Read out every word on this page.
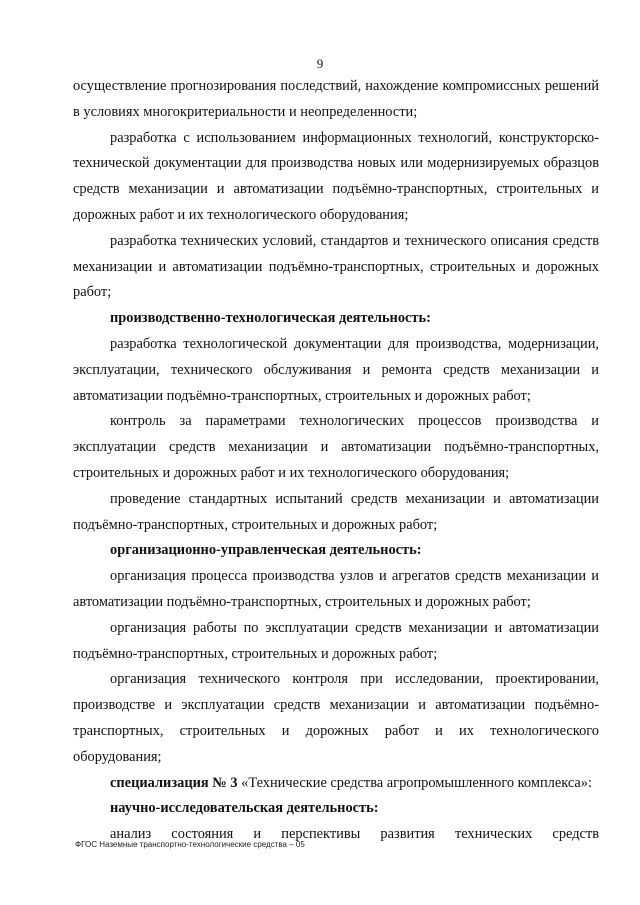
9

осуществление прогнозирования последствий, нахождение компромиссных решений в условиях многокритериальности и неопределенности;

разработка с использованием информационных технологий, конструкторско-технической документации для производства новых или модернизируемых образцов средств механизации и автоматизации подъёмно-транспортных, строительных и дорожных работ и их технологического оборудования;

разработка технических условий, стандартов и технического описания средств механизации и автоматизации подъёмно-транспортных, строительных и дорожных работ;

производственно-технологическая деятельность:

разработка технологической документации для производства, модернизации, эксплуатации, технического обслуживания и ремонта средств механизации и автоматизации подъёмно-транспортных, строительных и дорожных работ;

контроль за параметрами технологических процессов производства и эксплуатации средств механизации и автоматизации подъёмно-транспортных, строительных и дорожных работ и их технологического оборудования;

проведение стандартных испытаний средств механизации и автоматизации подъёмно-транспортных, строительных и дорожных работ;

организационно-управленческая деятельность:

организация процесса производства узлов и агрегатов средств механизации и автоматизации подъёмно-транспортных, строительных и дорожных работ;

организация работы по эксплуатации средств механизации и автоматизации подъёмно-транспортных, строительных и дорожных работ;

организация технического контроля при исследовании, проектировании, производстве и эксплуатации средств механизации и автоматизации подъёмно-транспортных, строительных и дорожных работ и их технологического оборудования;

специализация № 3 «Технические средства агропромышленного комплекса»:

научно-исследовательская деятельность:

анализ состояния и перспективы развития технических средств

ФГОС Наземные транспортно-технологические средства – 05
